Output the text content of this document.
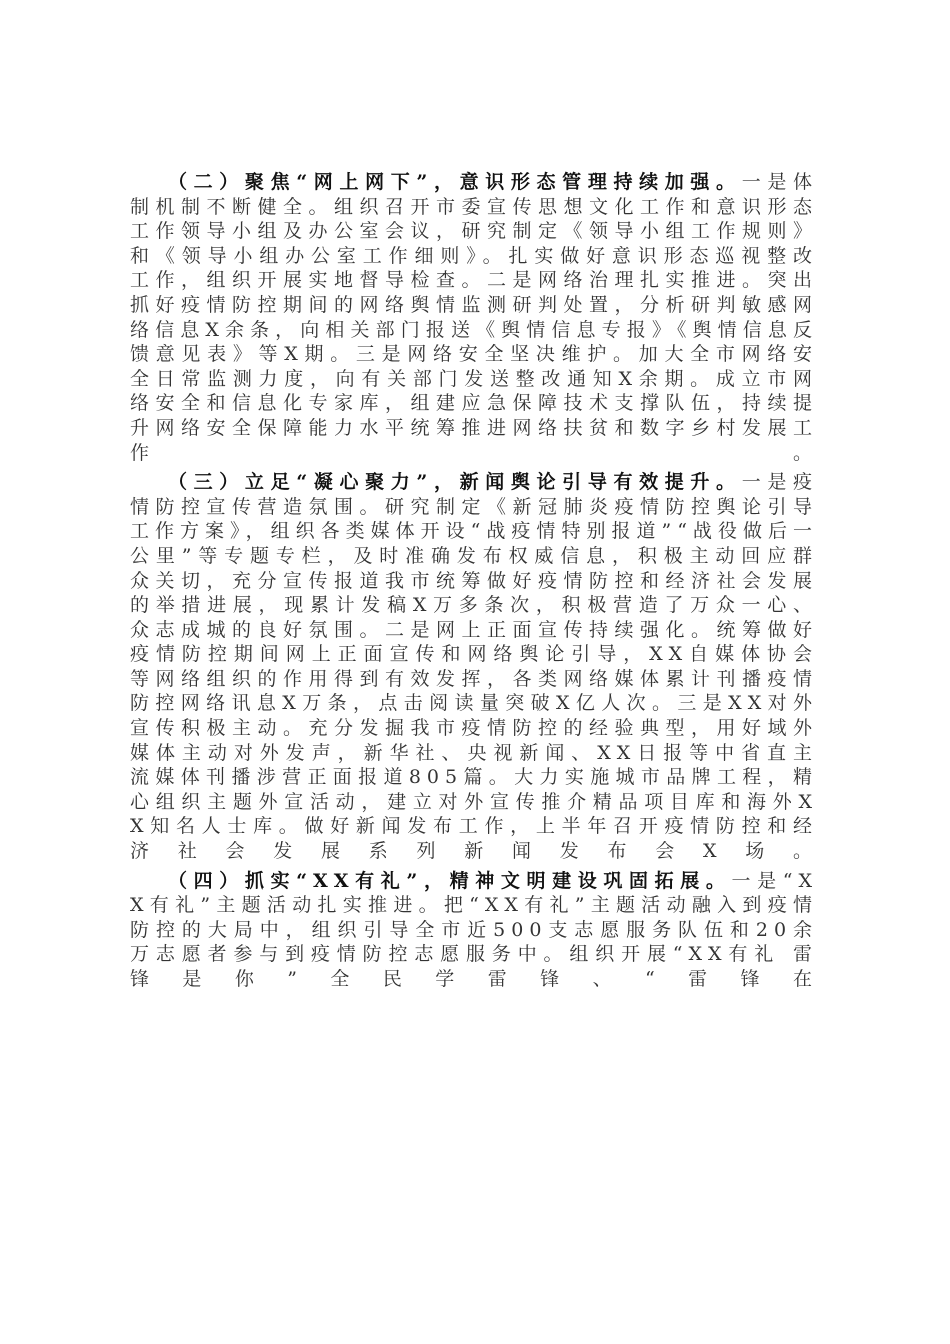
（二）聚焦“网上网下”，意识形态管理持续加强。一是体制机制不断健全。组织召开市委宣传思想文化工作和意识形态工作领导小组及办公室会议，研究制定《领导小组工作规则》和《领导小组办公室工作细则》。扎实做好意识形态巡视整改工作，组织开展实地督导检查。二是网络治理扎实推进。突出抓好疫情防控期间的网络舆情监测研判处置，分析研判敏感网络信息X余条，向相关部门报送《舆情信息专报》《舆情信息反馈意见表》等X期。三是网络安全坚决维护。加大全市网络安全日常监测力度，向有关部门发送整改通知X余期。成立市网络安全和信息化专家库，组建应急保障技术支撑队伍，持续提升网络安全保障能力水平统筹推进网络扶贫和数字乡村发展工作。

（三）立足“凝心聚力”，新闻舆论引导有效提升。一是疫情防控宣传营造氛围。研究制定《新冠肺炎疫情防控舆论引导工作方案》，组织各类媒体开设“战疫情特别报道”“战役做后一公里”等专题专栏，及时准确发布权威信息，积极主动回应群众关切，充分宣传报道我市统筹做好疫情防控和经济社会发展的举措进展，现累计发稿X万多条次，积极营造了万众一心、众志成城的良好氛围。二是网上正面宣传持续强化。统筹做好疫情防控期间网上正面宣传和网络舆论引导，XX自媒体协会等网络组织的作用得到有效发挥，各类网络媒体累计刊播疫情防控网络讯息X万条，点击阅读量突破X亿人次。三是XX对外宣传积极主动。充分发掘我市疫情防控的经验典型，用好域外媒体主动对外发声，新华社、央视新闻、XX日报等中省直主流媒体刊播涉营正面报道805篇。大力实施城市品牌工程，精心组织主题外宣活动，建立对外宣传推介精品项目库和海外XX知名人士库。做好新闻发布工作，上半年召开疫情防控和经济社会发展系列新闻发布会X场。

（四）抓实“XX有礼”，精神文明建设巩固拓展。一是“XX有礼”主题活动扎实推进。把“XX有礼”主题活动融入到疫情防控的大局中，组织引导全市近500支志愿服务队伍和20余万志愿者参与到疫情防控志愿服务中。组织开展“XX有礼 雷锋是你”全民学雷锋、“雷锋在
